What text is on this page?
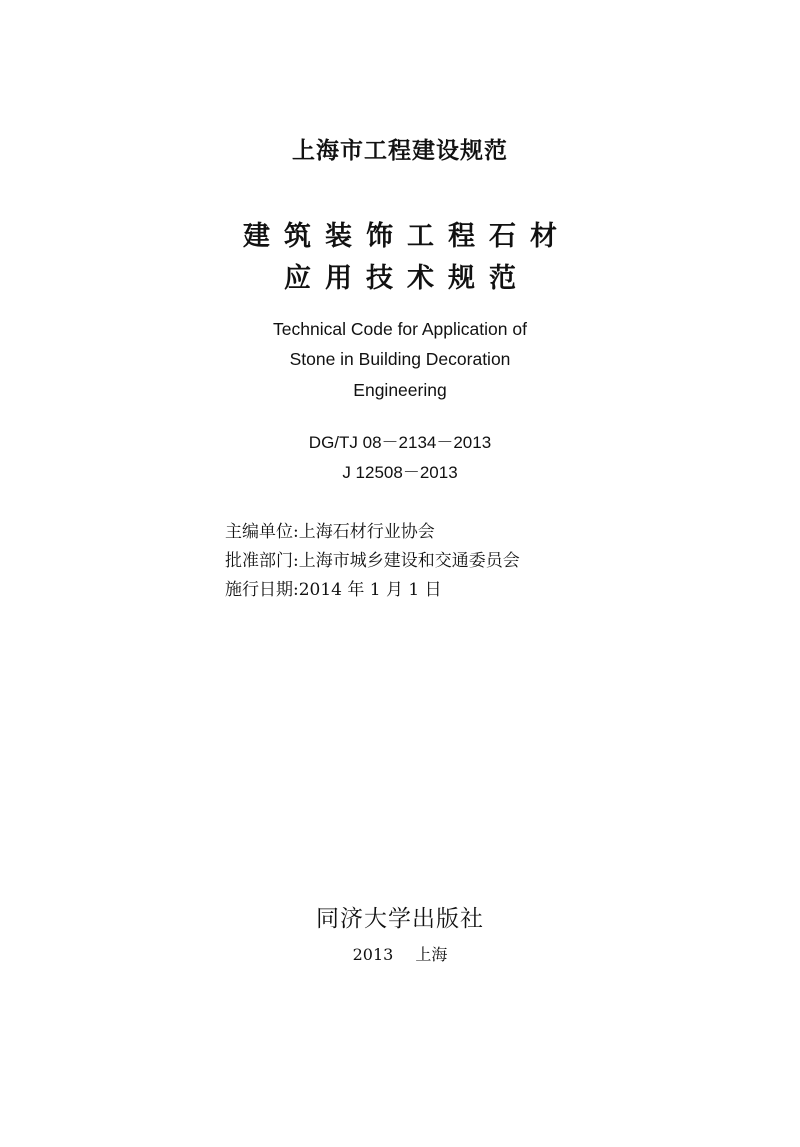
上海市工程建设规范
建筑装饰工程石材
应用技术规范
Technical Code for Application of
Stone in Building Decoration
Engineering
DG/TJ 08－2134－2013
J 12508－2013
主编单位:上海石材行业协会
批准部门:上海市城乡建设和交通委员会
施行日期:2014 年 1 月 1 日
同济大学出版社
2013 上海
